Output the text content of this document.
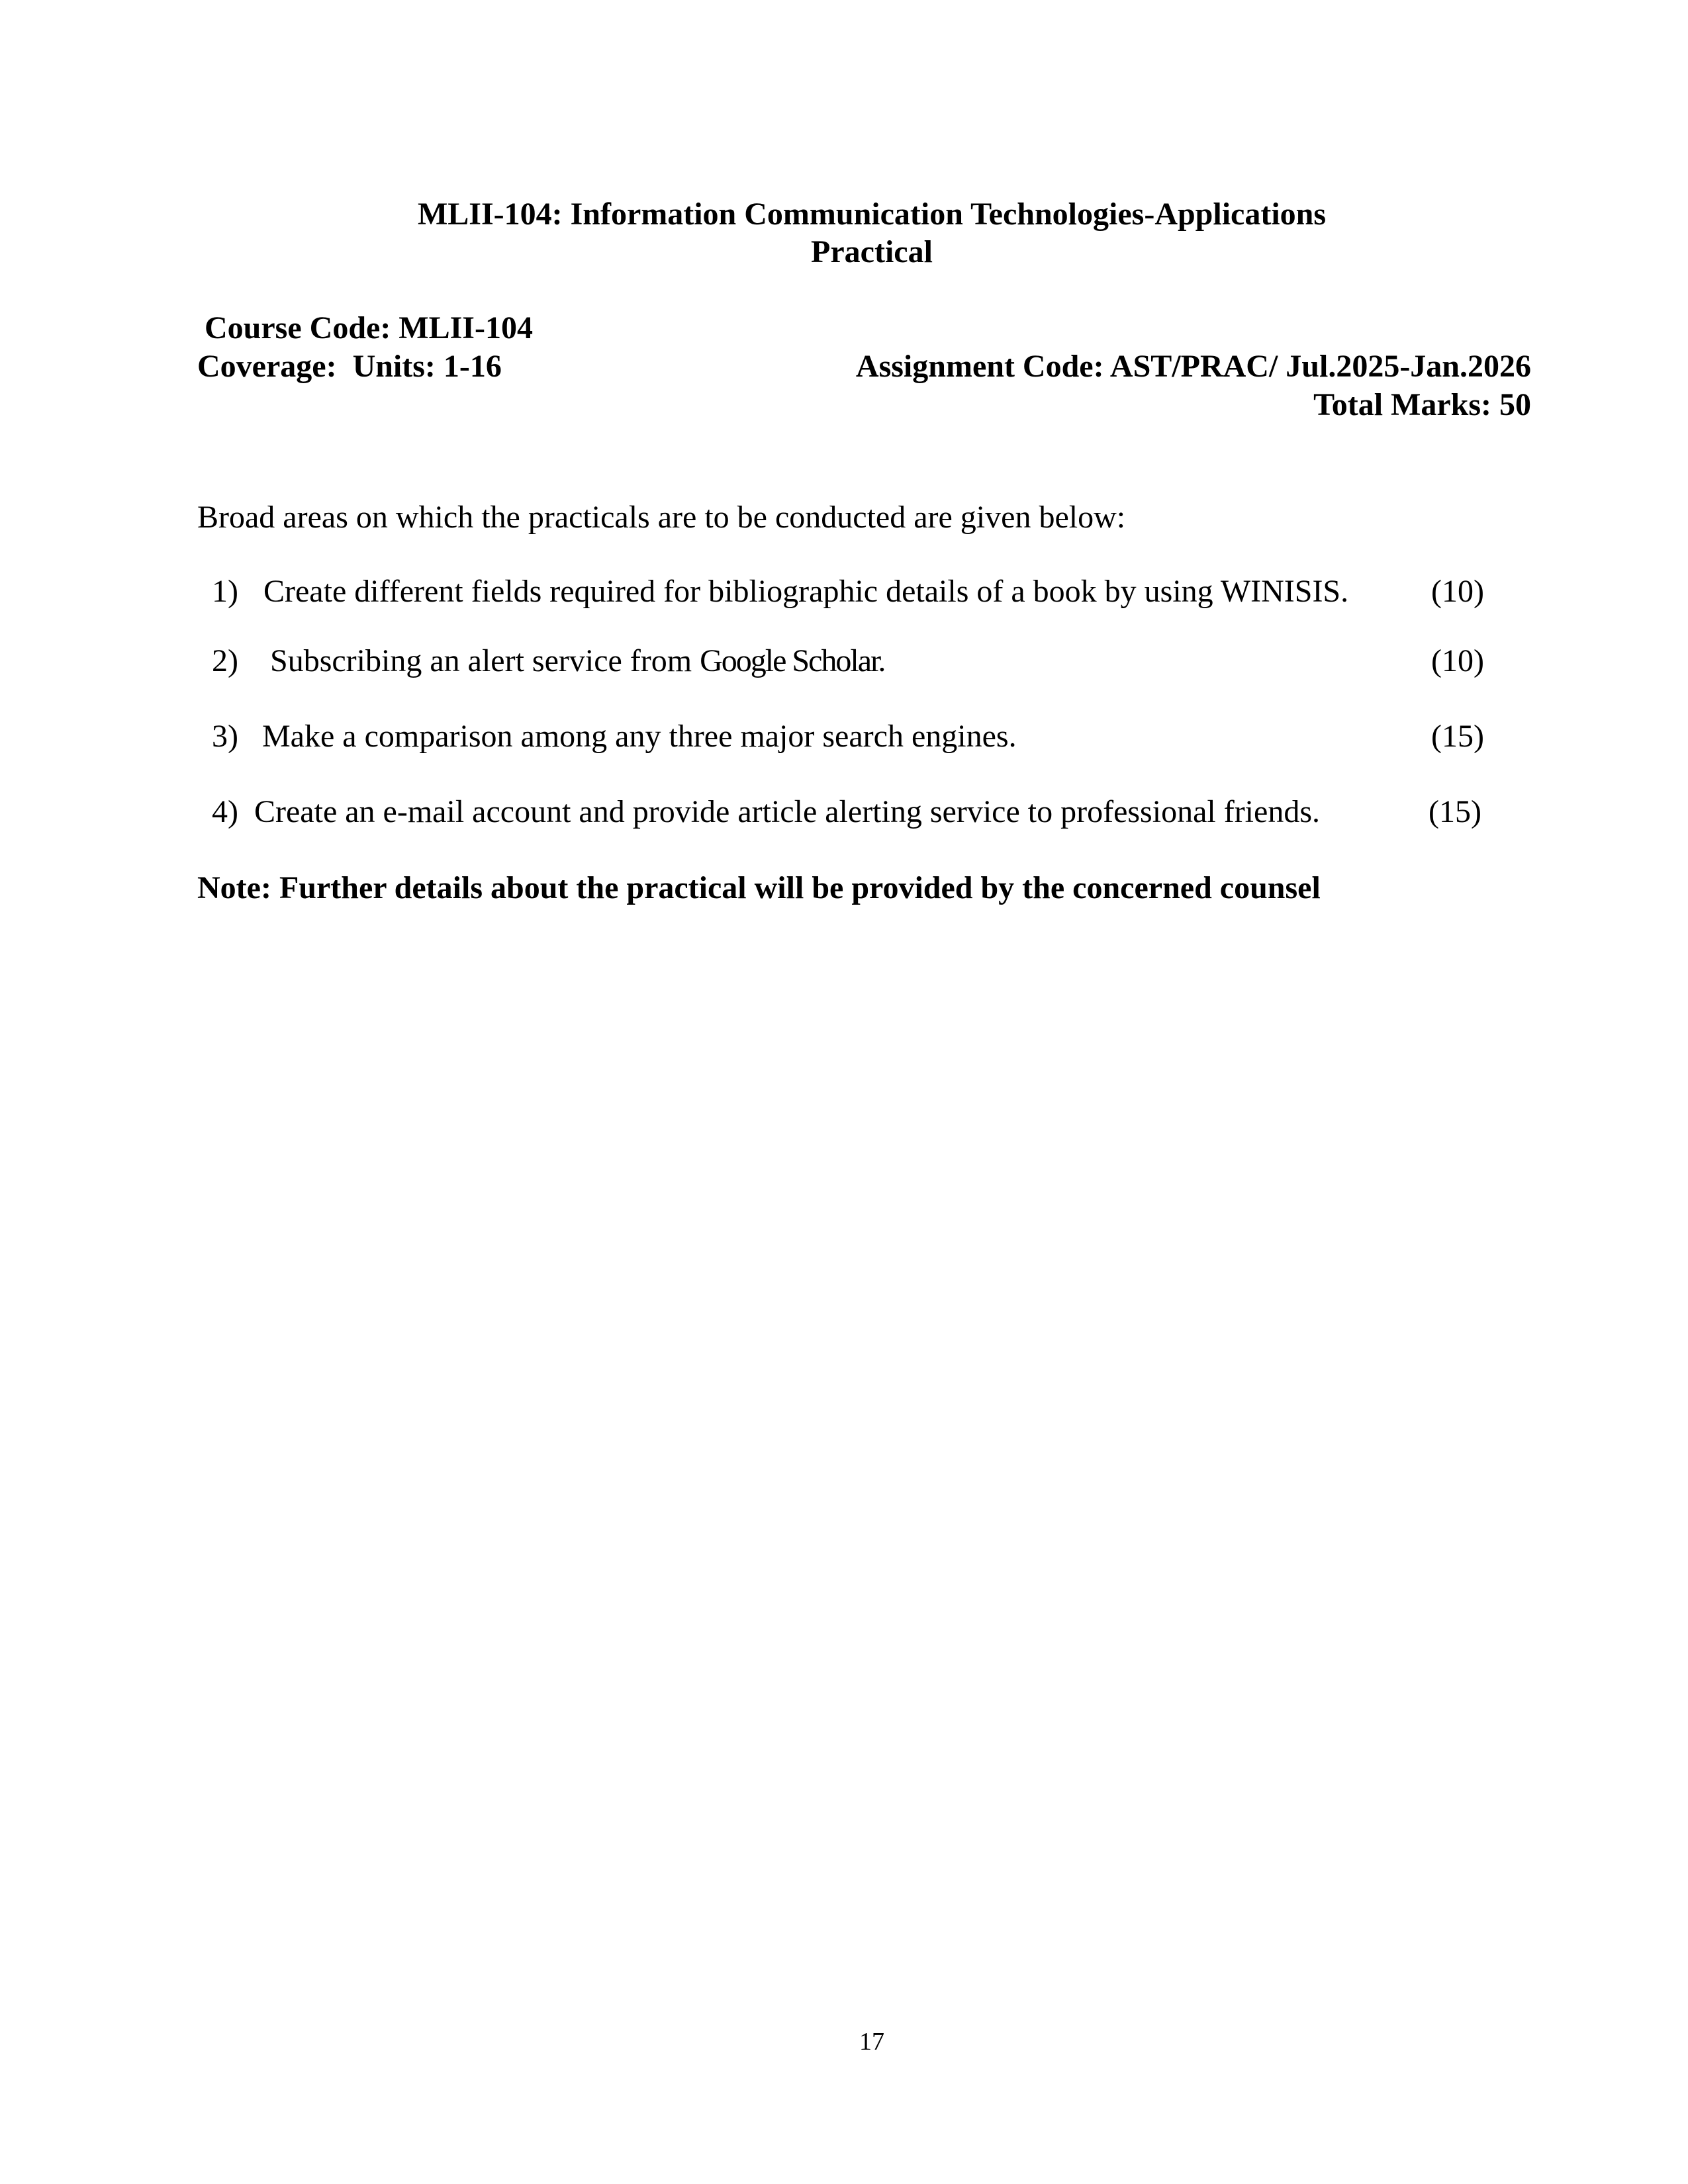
MLII-104: Information Communication Technologies-Applications
Practical
Course Code: MLII-104
Coverage:  Units: 1-16	Assignment Code: AST/PRAC/ Jul.2025-Jan.2026
Total Marks: 50
Broad areas on which the practicals are to be conducted are given below:
1) Create different fields required for bibliographic details of a book by using WINISIS.	(10)
2) Subscribing an alert service from Google Scholar.	(10)
3) Make a comparison among any three major search engines.	(15)
4) Create an e-mail account and provide article alerting service to professional friends.	(15)
Note: Further details about the practical will be provided by the concerned counsel
17
